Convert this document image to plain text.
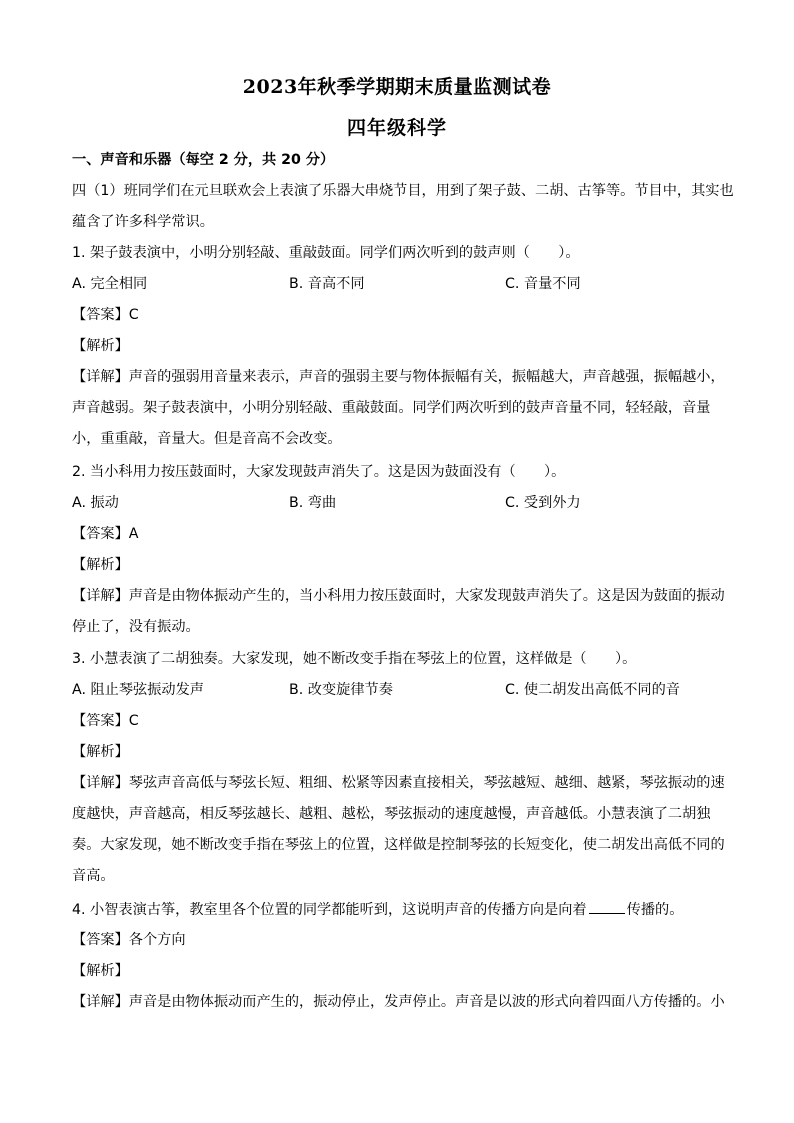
2023年秋季学期期末质量监测试卷
四年级科学
一、声音和乐器（每空 2 分，共 20 分）
四（1）班同学们在元旦联欢会上表演了乐器大串烧节目，用到了架子鼓、二胡、古筝等。节目中，其实也
蕴含了许多科学常识。
1. 架子鼓表演中，小明分别轻敲、重敲鼓面。同学们两次听到的鼓声则（　　）。
A. 完全相同	B. 音高不同	C. 音量不同
【答案】C
【解析】
【详解】声音的强弱用音量来表示，声音的强弱主要与物体振幅有关，振幅越大，声音越强，振幅越小，
声音越弱。架子鼓表演中，小明分别轻敲、重敲鼓面。同学们两次听到的鼓声音量不同，轻轻敲，音量
小，重重敲，音量大。但是音高不会改变。
2. 当小科用力按压鼓面时，大家发现鼓声消失了。这是因为鼓面没有（　　）。
A. 振动	B. 弯曲	C. 受到外力
【答案】A
【解析】
【详解】声音是由物体振动产生的，当小科用力按压鼓面时，大家发现鼓声消失了。这是因为鼓面的振动
停止了，没有振动。
3. 小慧表演了二胡独奏。大家发现，她不断改变手指在琴弦上的位置，这样做是（　　）。
A. 阻止琴弦振动发声	B. 改变旋律节奏	C. 使二胡发出高低不同的音
【答案】C
【解析】
【详解】琴弦声音高低与琴弦长短、粗细、松紧等因素直接相关，琴弦越短、越细、越紧，琴弦振动的速
度越快，声音越高，相反琴弦越长、越粗、越松，琴弦振动的速度越慢，声音越低。小慧表演了二胡独
奏。大家发现，她不断改变手指在琴弦上的位置，这样做是控制琴弦的长短变化，使二胡发出高低不同的
音高。
4. 小智表演古筝，教室里各个位置的同学都能听到，这说明声音的传播方向是向着	传播的。
【答案】各个方向
【解析】
【详解】声音是由物体振动而产生的，振动停止，发声停止。声音是以波的形式向着四面八方传播的。小
